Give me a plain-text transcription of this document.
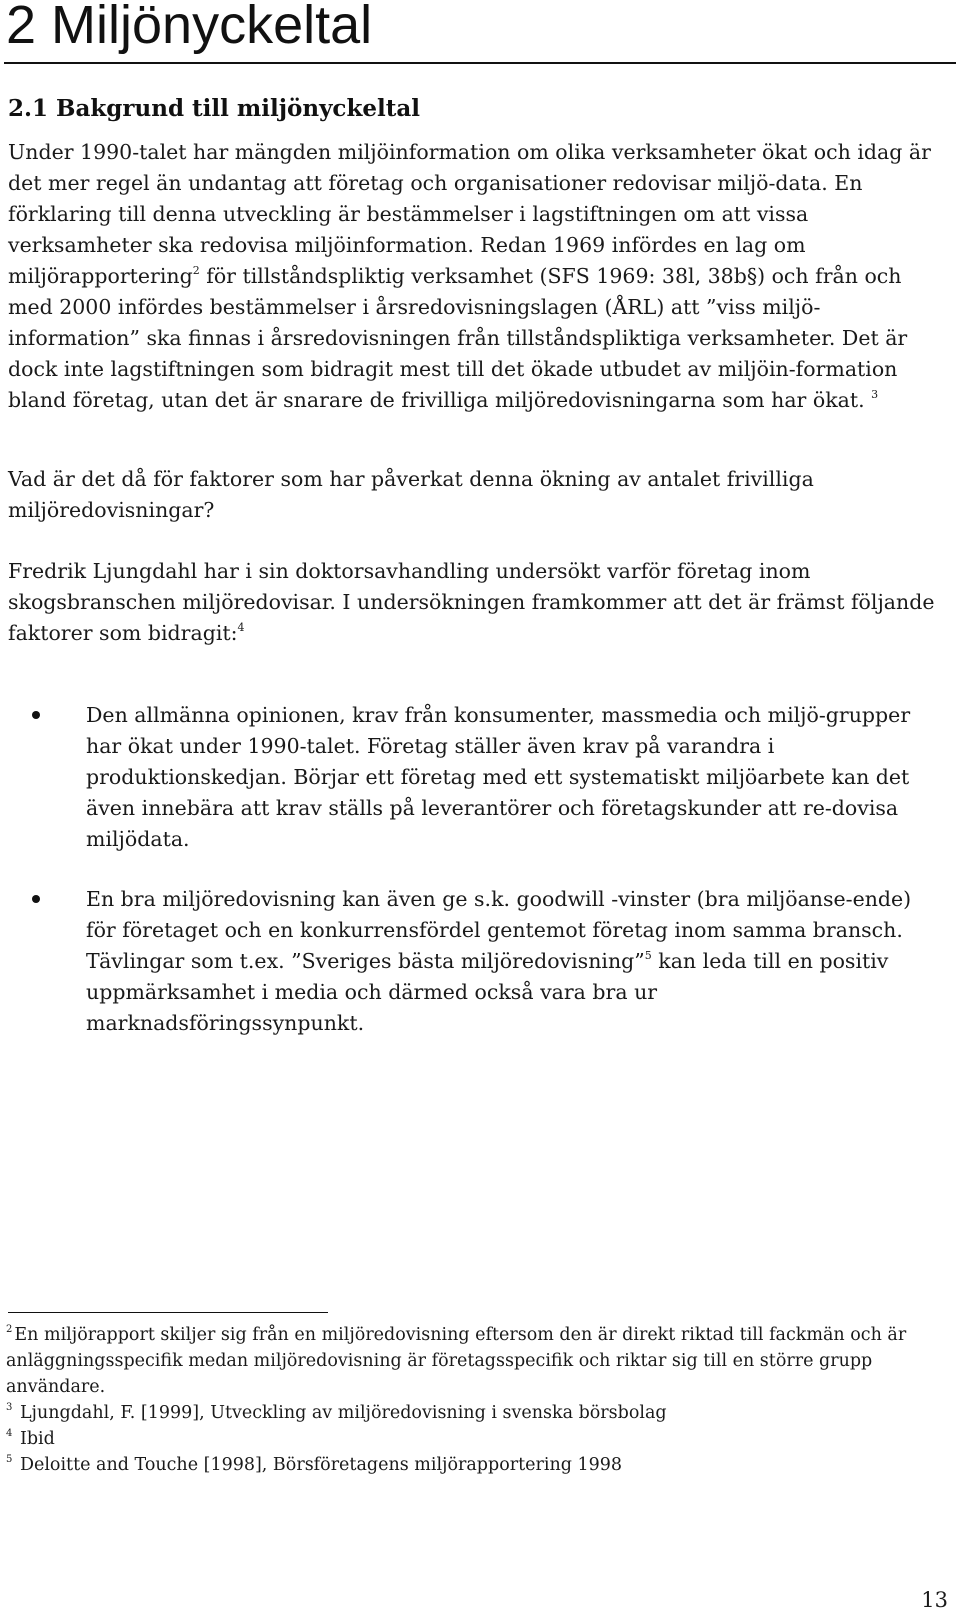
2 Miljönyckeltal
2.1 Bakgrund till miljönyckeltal

Under 1990-talet har mängden miljöinformation om olika verksamheter ökat och idag är det mer regel än undantag att företag och organisationer redovisar miljö-data. En förklaring till denna utveckling är bestämmelser i lagstiftningen om att vissa verksamheter ska redovisa miljöinformation. Redan 1969 infördes en lag om miljörapportering$^2$ för tillståndspliktig verksamhet (SFS 1969: 38l, 38b§) och från och med 2000 infördes bestämmelser i årsredovisningslagen (ÅRL) att ”viss miljö-information” ska finnas i årsredovisningen från tillståndspliktiga verksamheter. Det är dock inte lagstiftningen som bidragit mest till det ökade utbudet av miljöin-formation bland företag, utan det är snarare de frivilliga miljöredovisningarna som har ökat. $^3$

Vad är det då för faktorer som har påverkat denna ökning av antalet frivilliga miljöredovisningar?

Fredrik Ljungdahl har i sin doktorsavhandling undersökt varför företag inom skogsbranschen miljöredovisar. I undersökningen framkommer att det är främst följande faktorer som bidragit:$^4$

Den allmänna opinionen, krav från konsumenter, massmedia och miljö-grupper har ökat under 1990-talet. Företag ställer även krav på varandra i produktionskedjan. Börjar ett företag med ett systematiskt miljöarbete kan det även innebära att krav ställs på leverantörer och företagskunder att re-dovisa miljödata.

En bra miljöredovisning kan även ge s.k. goodwill -vinster (bra miljöanse-ende) för företaget och en konkurrensfördel gentemot företag inom samma bransch. Tävlingar som t.ex. ”Sveriges bästa miljöredovisning”$^5$ kan leda till en positiv uppmärksamhet i media och därmed också vara bra ur marknadsföringssynpunkt.

$^2$ En miljörapport skiljer sig från en miljöredovisning eftersom den är direkt riktad till fackmän och är anläggningsspecifik medan miljöredovisning är företagsspecifik och riktar sig till en större grupp användare.

$^3$ Ljungdahl, F. [1999], Utveckling av miljöredovisning i svenska börsbolag

$^4$ Ibid

$^5$ Deloitte and Touche [1998], Börsföretagens miljörapportering 1998

13
